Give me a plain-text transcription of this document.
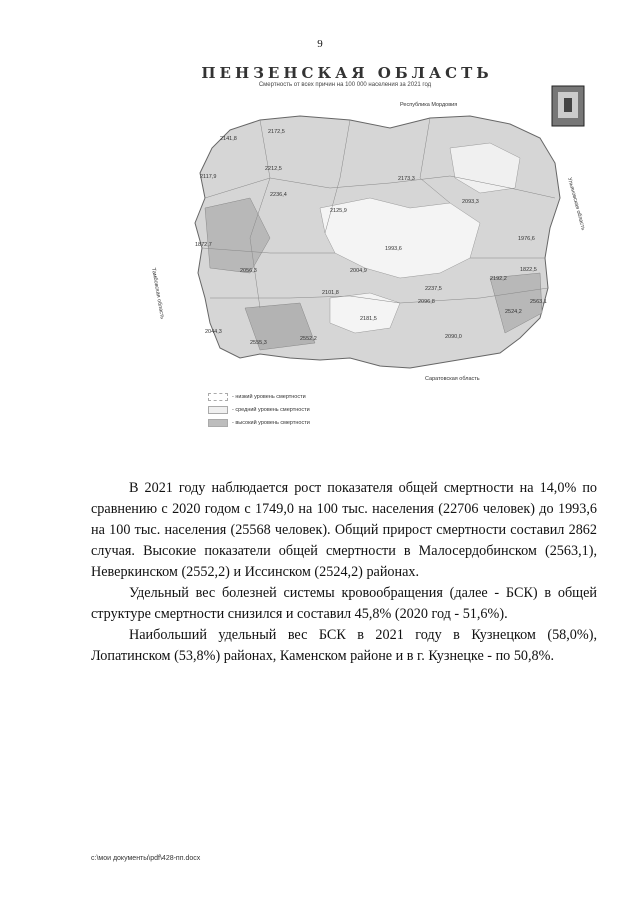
9
2141,8
2172,5
2117,9
2212,5
2236,4
2125,9
2173,3
2093,3
1976,6
1822,5
1872,7
2056,3	2004,9
1993,6
2192,2
2237,5
2096,8
2101,8
2044,3
2555,3
2552,2
2181,5
2090,0
2524,2
2563,1
Республика Мордовия
Саратовская область
Ульяновская область
Тамбовская область
ПЕНЗЕНСКАЯ ОБЛАСТЬ
Смертность от всех причин на 100 000 населения за 2021 год
- низкий уровень смертности
- средний уровень смертности
- высокий уровень смертности

В 2021 году наблюдается рост показателя общей смертности на 14,0% по сравнению с 2020 годом с 1749,0 на 100 тыс. населения (22706 человек) до 1993,6 на 100 тыс. населения (25568 человек). Общий прирост смертности составил 2862 случая. Высокие показатели общей смертности в Малосердобинском (2563,1), Неверкинском (2552,2) и Иссинском (2524,2) районах.

Удельный вес болезней системы кровообращения (далее - БСК) в общей структуре смертности снизился и составил 45,8% (2020 год - 51,6%).

Наибольший удельный вес БСК в 2021 году в Кузнецком (58,0%), Лопатинском (53,8%) районах, Каменском районе и в г. Кузнецке - по 50,8%.

c:\мои документы\pdf\428-пп.docx
